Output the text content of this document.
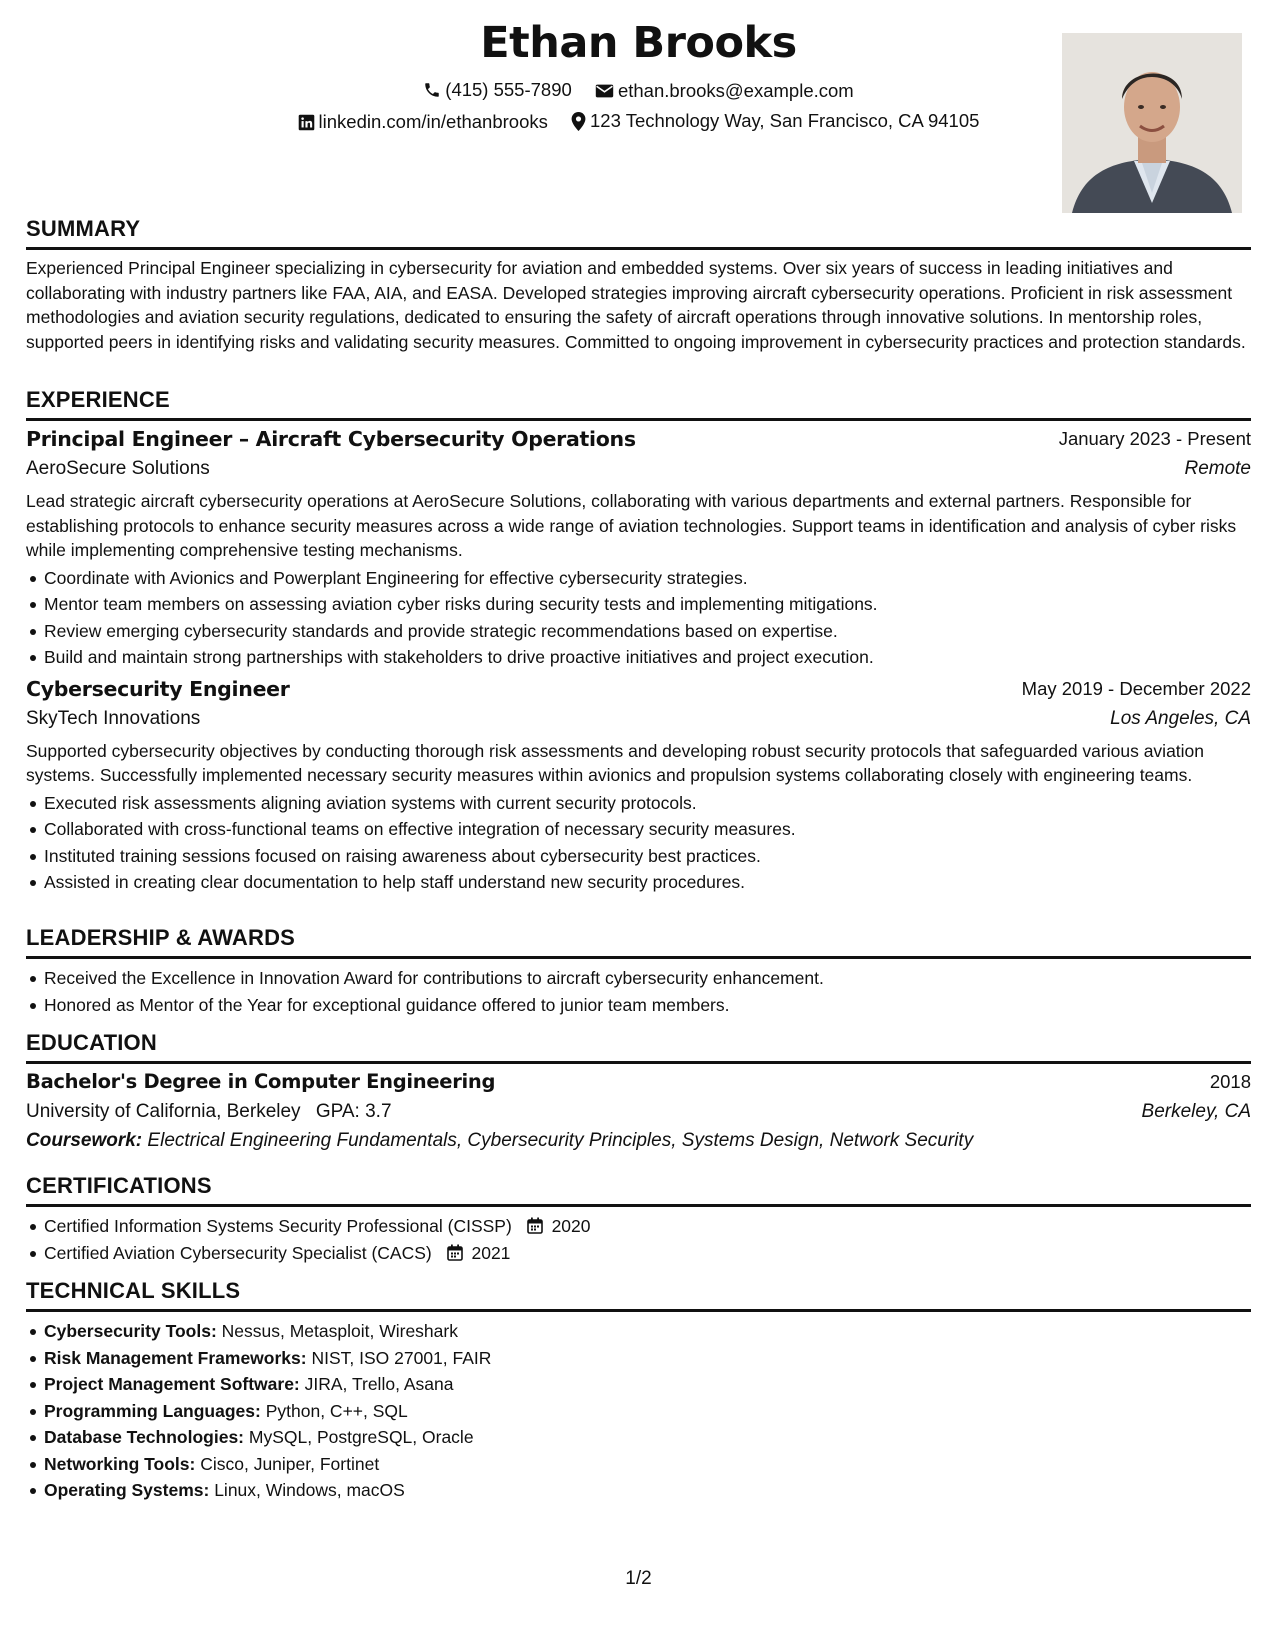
Ethan Brooks
(415) 555-7890
ethan.brooks@example.com
linkedin.com/in/ethanbrooks
123 Technology Way, San Francisco, CA 94105
SUMMARY

Experienced Principal Engineer specializing in cybersecurity for aviation and embedded systems. Over six years of success in leading initiatives and collaborating with industry partners like FAA, AIA, and EASA. Developed strategies improving aircraft cybersecurity operations. Proficient in risk assessment methodologies and aviation security regulations, dedicated to ensuring the safety of aircraft operations through innovative solutions. In mentorship roles, supported peers in identifying risks and validating security measures. Committed to ongoing improvement in cybersecurity practices and protection standards.

EXPERIENCE
Principal Engineer – Aircraft Cybersecurity Operations	January 2023 - Present
AeroSecure Solutions	Remote

Lead strategic aircraft cybersecurity operations at AeroSecure Solutions, collaborating with various departments and external partners. Responsible for establishing protocols to enhance security measures across a wide range of aviation technologies. Support teams in identification and analysis of cyber risks while implementing comprehensive testing mechanisms.

Coordinate with Avionics and Powerplant Engineering for effective cybersecurity strategies.
Mentor team members on assessing aviation cyber risks during security tests and implementing mitigations.
Review emerging cybersecurity standards and provide strategic recommendations based on expertise.
Build and maintain strong partnerships with stakeholders to drive proactive initiatives and project execution.
Cybersecurity Engineer	May 2019 - December 2022
SkyTech Innovations	Los Angeles, CA

Supported cybersecurity objectives by conducting thorough risk assessments and developing robust security protocols that safeguarded various aviation systems. Successfully implemented necessary security measures within avionics and propulsion systems collaborating closely with engineering teams.

Executed risk assessments aligning aviation systems with current security protocols.
Collaborated with cross-functional teams on effective integration of necessary security measures.
Instituted training sessions focused on raising awareness about cybersecurity best practices.
Assisted in creating clear documentation to help staff understand new security procedures.
LEADERSHIP & AWARDS
Received the Excellence in Innovation Award for contributions to aircraft cybersecurity enhancement.
Honored as Mentor of the Year for exceptional guidance offered to junior team members.
EDUCATION
Bachelor's Degree in Computer Engineering	2018
University of California, Berkeley GPA: 3.7	Berkeley, CA
Coursework: Electrical Engineering Fundamentals, Cybersecurity Principles, Systems Design, Network Security
CERTIFICATIONS
Certified Information Systems Security Professional (CISSP) 2020
Certified Aviation Cybersecurity Specialist (CACS) 2021
TECHNICAL SKILLS
Cybersecurity Tools: Nessus, Metasploit, Wireshark
Risk Management Frameworks: NIST, ISO 27001, FAIR
Project Management Software: JIRA, Trello, Asana
Programming Languages: Python, C++, SQL
Database Technologies: MySQL, PostgreSQL, Oracle
Networking Tools: Cisco, Juniper, Fortinet
Operating Systems: Linux, Windows, macOS
1/2
